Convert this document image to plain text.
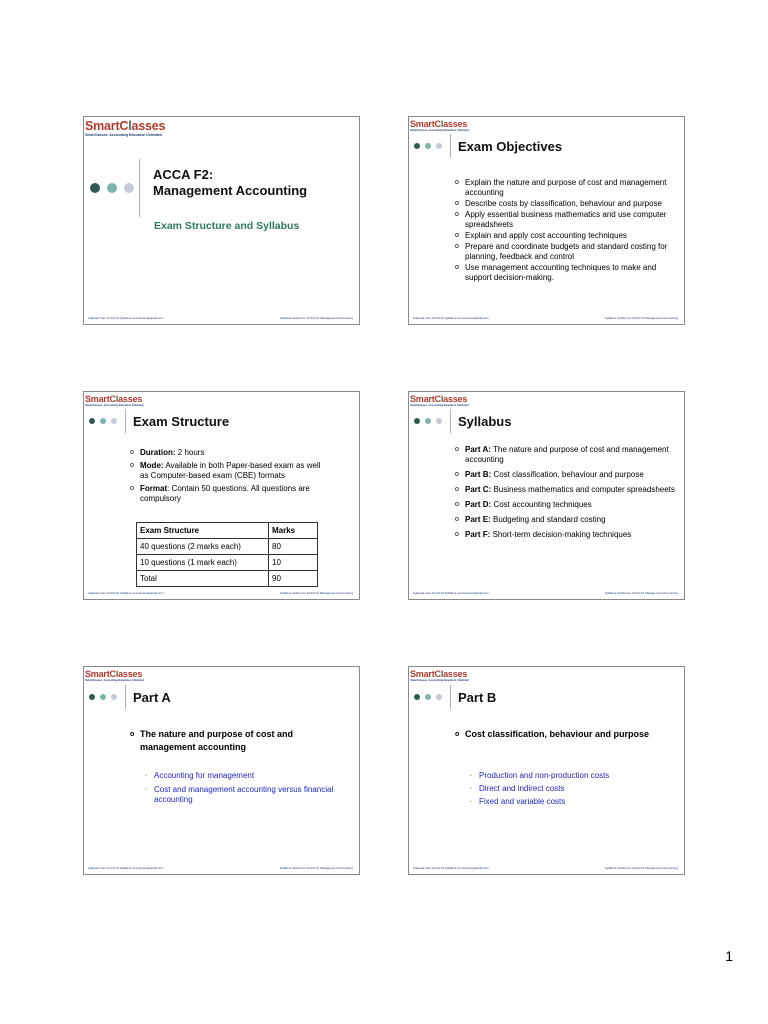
SmartClasses
SmartClasses: Accounting Education Unlimited
ACCA F2:
Management Accounting
Exam Structure and Syllabus
Adapted from ACCA F2 Syllabus at www.accaglobal.com	Syllabus Outline for ACCA F2 Management Accounting
SmartClasses
SmartClasses: Accounting Education Unlimited
Exam Objectives
o Explain the nature and purpose of cost and management accounting
o Describe costs by classification, behaviour and purpose
o Apply essential business mathematics and use computer spreadsheets
o Explain and apply cost accounting techniques
o Prepare and coordinate budgets and standard costing for planning, feedback and control
o Use management accounting techniques to make and support decision-making.
Adapted from ACCA F2 Syllabus at www.accaglobal.com	Syllabus Outline for ACCA F2 Management Accounting
SmartClasses
SmartClasses: Accounting Education Unlimited
Exam Structure
o Duration: 2 hours
o Mode: Available in both Paper-based exam as well as Computer-based exam (CBE) formats
o Format: Contain 50 questions. All questions are compulsory
Exam Structure	Marks
40 questions (2 marks each)	80
10 questions (1 mark each)	10
Total	90
Adapted from ACCA F2 Syllabus at www.accaglobal.com	Syllabus Outline for ACCA F2 Management Accounting
SmartClasses
SmartClasses: Accounting Education Unlimited
Syllabus
o Part A: The nature and purpose of cost and management accounting
o Part B: Cost classification, behaviour and purpose
o Part C: Business mathematics and computer spreadsheets
o Part D: Cost accounting techniques
o Part E: Budgeting and standard costing
o Part F: Short-term decision-making techniques
Adapted from ACCA F2 Syllabus at www.accaglobal.com	Syllabus Outline for ACCA F2 Management Accounting
SmartClasses
SmartClasses: Accounting Education Unlimited
Part A
o The nature and purpose of cost and management accounting
▪ Accounting for management
▪ Cost and management accounting versus financial accounting
Adapted from ACCA F2 Syllabus at www.accaglobal.com	Syllabus Outline for ACCA F2 Management Accounting
SmartClasses
SmartClasses: Accounting Education Unlimited
Part B
o Cost classification, behaviour and purpose
▪ Production and non-production costs
▪ Direct and indirect costs
▪ Fixed and variable costs
Adapted from ACCA F2 Syllabus at www.accaglobal.com	Syllabus Outline for ACCA F2 Management Accounting
1
